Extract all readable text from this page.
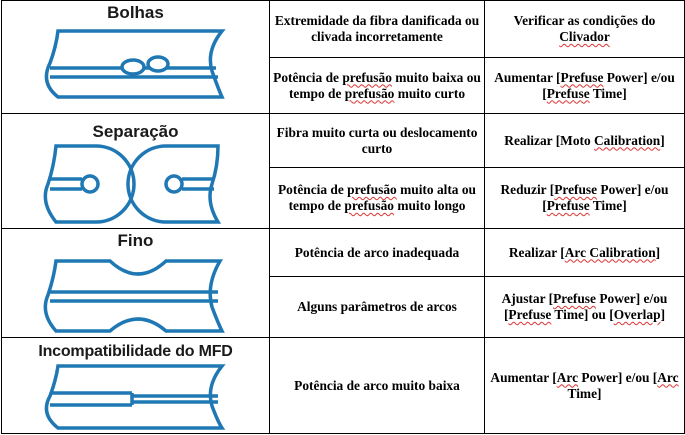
Bolhas	Extremidade da fibra danificada ou clivada incorretamente	Verificar as condições do Clivador
	Potência de prefusão muito baixa ou tempo de prefusão muito curto	Aumentar [Prefuse Power] e/ou [Prefuse Time]

Separação	Fibra muito curta ou deslocamento curto	Realizar [Moto Calibration]
	Potência de prefusão muito alta ou tempo de prefusão muito longo	Reduzir [Prefuse Power] e/ou [Prefuse Time]

Fino	Potência de arco inadequada	Realizar [Arc Calibration]
	Alguns parâmetros de arcos	Ajustar [Prefuse Power] e/ou [Prefuse Time] ou [Overlap]

Incompatibilidade do MFD	Potência de arco muito baixa	Aumentar [Arc Power] e/ou [Arc Time]
